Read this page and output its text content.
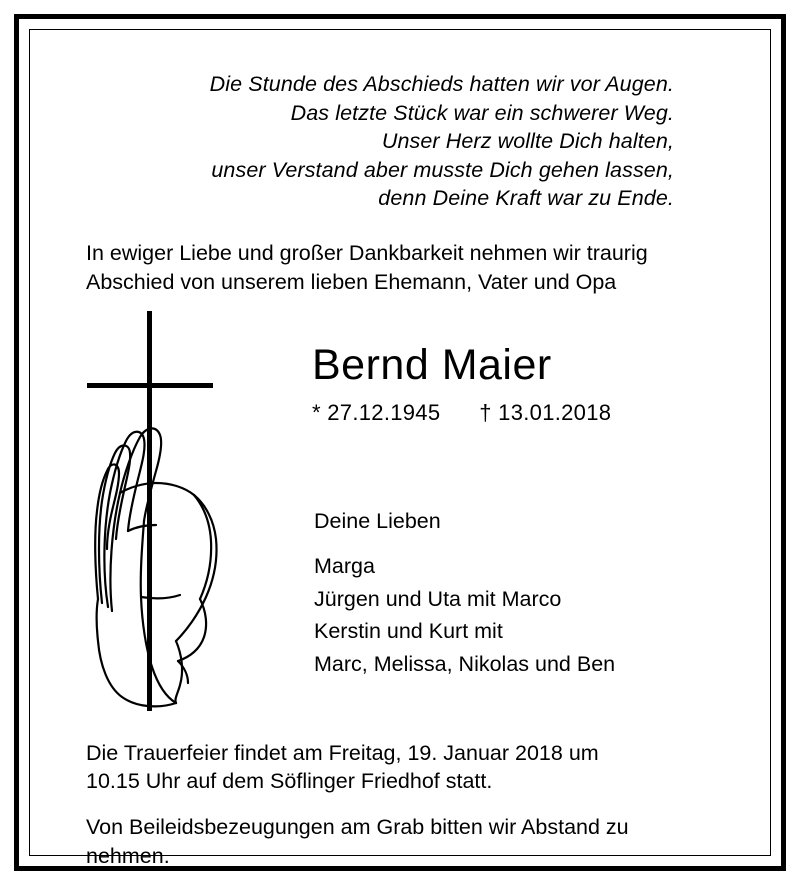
Die Stunde des Abschieds hatten wir vor Augen.
Das letzte Stück war ein schwerer Weg.
Unser Herz wollte Dich halten,
unser Verstand aber musste Dich gehen lassen,
denn Deine Kraft war zu Ende.
In ewiger Liebe und großer Dankbarkeit nehmen wir traurig
Abschied von unserem lieben Ehemann, Vater und Opa
Bernd Maier
* 27.12.1945 † 13.01.2018
Deine Lieben
Marga
Jürgen und Uta mit Marco
Kerstin und Kurt mit
Marc, Melissa, Nikolas und Ben
Die Trauerfeier findet am Freitag, 19. Januar 2018 um
10.15 Uhr auf dem Söflinger Friedhof statt.
Von Beileidsbezeugungen am Grab bitten wir Abstand zu
nehmen.
